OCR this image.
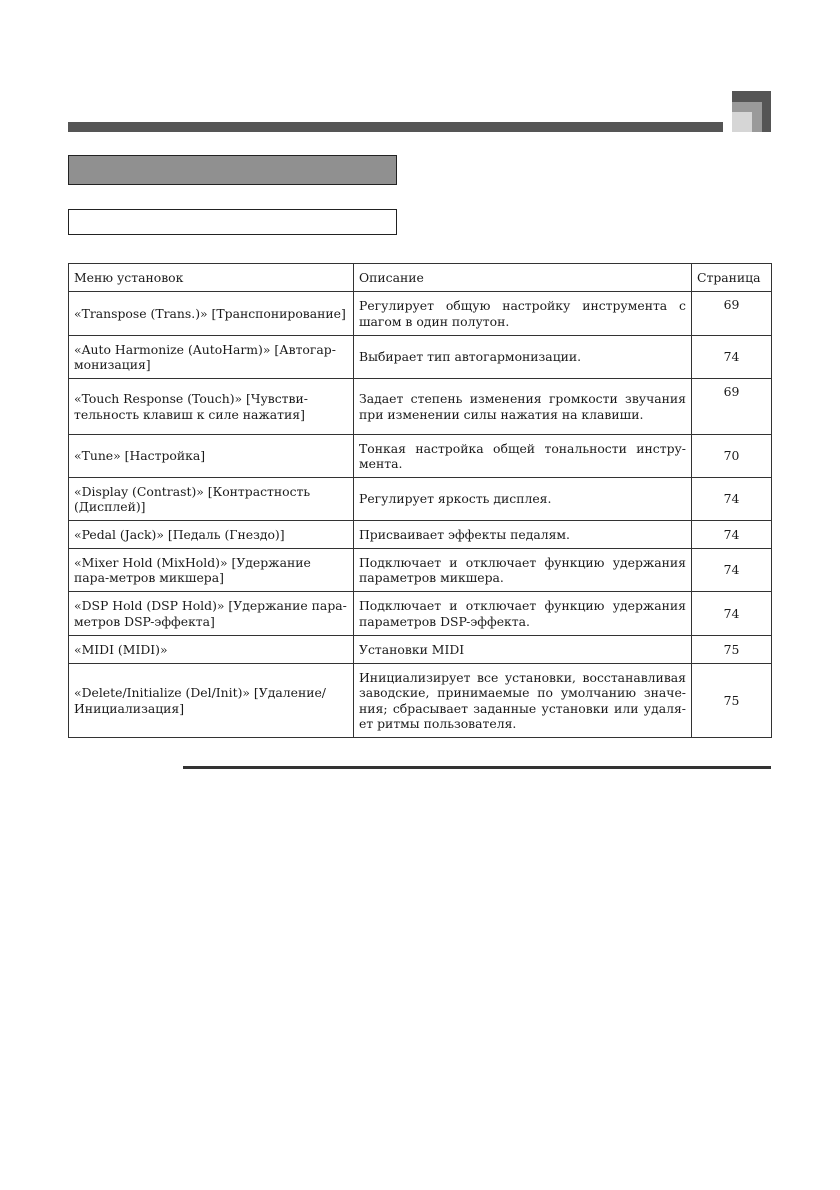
Меню установок	Описание	Страница
«Transpose (Trans.)» [Транспонирование]	Регулирует общую настройку инструмента с шагом в один полутон.	69
«Auto Harmonize (AutoHarm)» [Автогар-монизация]	Выбирает тип автогармонизации.	74
«Touch Response (Touch)» [Чувстви-тельность клавиш к силе нажатия]	Задает степень изменения громкости звучания при изменении силы нажатия на клавиши.	69
«Tune» [Настройка]	Тонкая настройка общей тональности инстру-мента.	70
«Display (Contrast)» [Контрастность (Дисплей)]	Регулирует яркость дисплея.	74
«Pedal (Jack)» [Педаль (Гнездо)]	Присваивает эффекты педалям.	74
«Mixer Hold (MixHold)» [Удержание пара-метров микшера]	Подключает и отключает функцию удержания параметров микшера.	74
«DSP Hold (DSP Hold)» [Удержание пара-метров DSP-эффекта]	Подключает и отключает функцию удержания параметров DSP-эффекта.	74
«MIDI (MIDI)»	Установки MIDI	75
«Delete/Initialize (Del/Init)» [Удаление/ Инициализация]	Инициализирует все установки, восстанавливая заводские, принимаемые по умолчанию значе-ния; сбрасывает заданные установки или удаля-ет ритмы пользователя.	75
